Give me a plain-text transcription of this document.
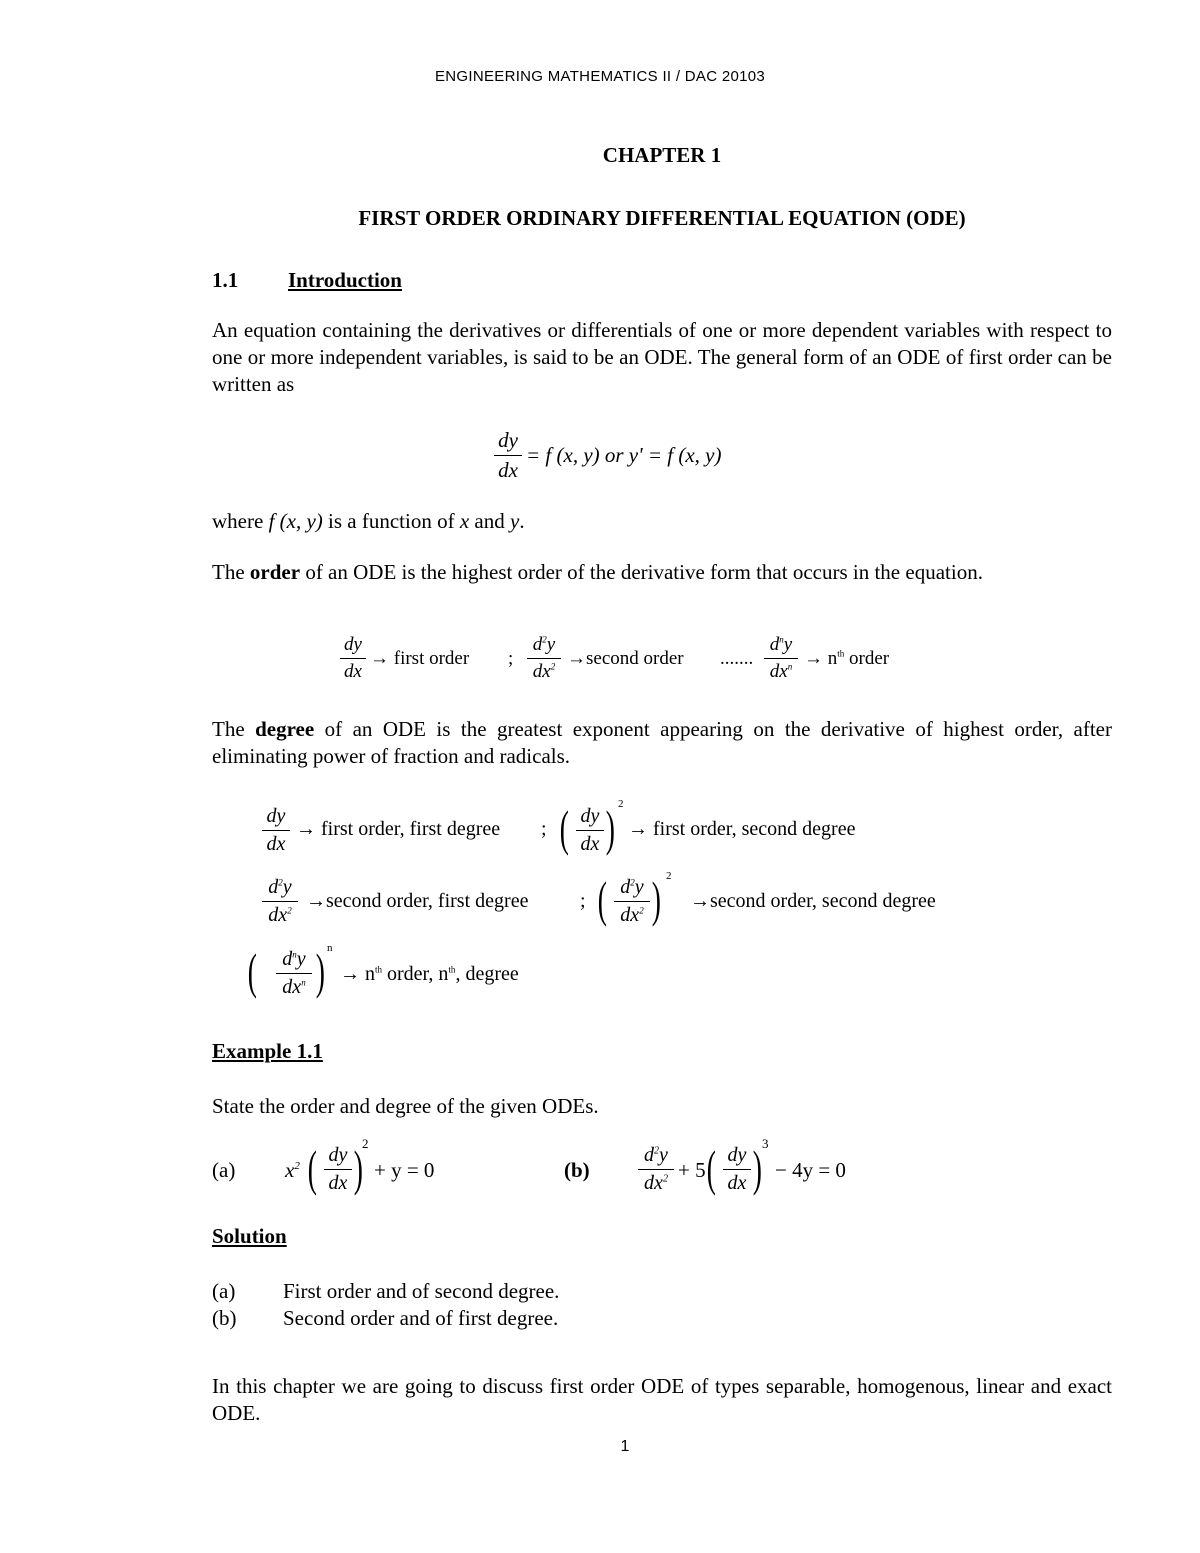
ENGINEERING MATHEMATICS II / DAC 20103
CHAPTER 1
FIRST ORDER ORDINARY DIFFERENTIAL EQUATION (ODE)
1.1 Introduction
An equation containing the derivatives or differentials of one or more dependent variables with respect to one or more independent variables, is said to be an ODE. The general form of an ODE of first order can be written as
dy
dx
= f (x, y) or y' = f (x, y)
where f (x, y) is a function of x and y.
The order of an ODE is the highest order of the derivative form that occurs in the equation.
dy
dx
→ first order ;
$d^2y$
$dx^2$ →second order .......
$d^ny$
$dx^n \to n^{th}$ order
The degree of an ODE is the greatest exponent appearing on the derivative of highest order, after eliminating power of fraction and radicals.
dy
dx
→ first order, first degree ; ( dy
dx ) 2
→ first order, second degree
$d^2y$
$dx^2$ →second order, first degree	; ( $d^2y$
$dx^2$ ) 2
→second order, second degree
(	$d^ny$
$dx^n$ ) n
→ $n^{th}$ order, $n^{th}$, degree
Example 1.1
State the order and degree of the given ODEs.
(a) $x^2$ ( dy
dx ) 2
+ y = 0	(b)
$d^2y$
$dx^2 + 5$ ( dy
dx ) 3
− 4y = 0
Solution
(a) First order and of second degree.
(b) Second order and of first degree.
In this chapter we are going to discuss first order ODE of types separable, homogenous, linear and exact ODE.
1
